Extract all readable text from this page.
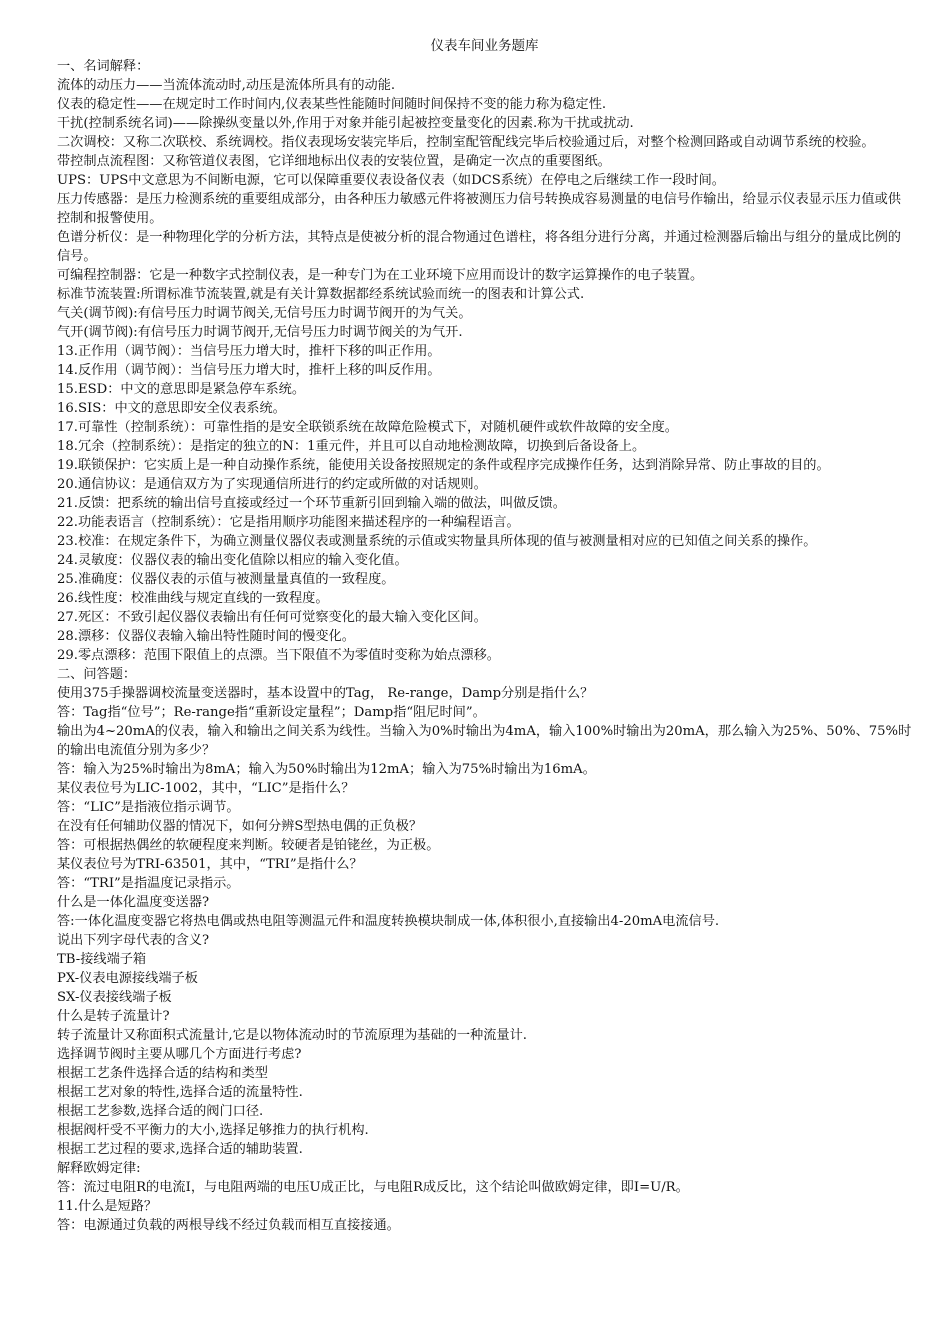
仪表车间业务题库
一、名词解释：
流体的动压力——当流体流动时,动压是流体所具有的动能.
仪表的稳定性——在规定时工作时间内,仪表某些性能随时间随时间保持不变的能力称为稳定性.
干扰(控制系统名词)——除操纵变量以外,作用于对象并能引起被控变量变化的因素.称为干扰或扰动.
二次调校：又称二次联校、系统调校。指仪表现场安装完毕后，控制室配管配线完毕后校验通过后，对整个检测回路或自动调节系统的校验。
带控制点流程图：又称管道仪表图，它详细地标出仪表的安装位置，是确定一次点的重要图纸。
UPS：UPS中文意思为不间断电源，它可以保障重要仪表设备仪表（如DCS系统）在停电之后继续工作一段时间。
压力传感器：是压力检测系统的重要组成部分，由各种压力敏感元件将被测压力信号转换成容易测量的电信号作输出，给显示仪表显示压力值或供控制和报警使用。
色谱分析仪：是一种物理化学的分析方法，其特点是使被分析的混合物通过色谱柱，将各组分进行分离，并通过检测器后输出与组分的量成比例的信号。
可编程控制器：它是一种数字式控制仪表，是一种专门为在工业环境下应用而设计的数字运算操作的电子装置。
标准节流装置:所谓标准节流装置,就是有关计算数据都经系统试验而统一的图表和计算公式.
气关(调节阀):有信号压力时调节阀关,无信号压力时调节阀开的为气关。
气开(调节阀):有信号压力时调节阀开,无信号压力时调节阀关的为气开.
13.正作用（调节阀）：当信号压力增大时，推杆下移的叫正作用。
14.反作用（调节阀）：当信号压力增大时，推杆上移的叫反作用。
15.ESD：中文的意思即是紧急停车系统。
16.SIS：中文的意思即安全仪表系统。
17.可靠性（控制系统）：可靠性指的是安全联锁系统在故障危险模式下，对随机硬件或软件故障的安全度。
18.冗余（控制系统）：是指定的独立的N：1重元件，并且可以自动地检测故障，切换到后备设备上。
19.联锁保护：它实质上是一种自动操作系统，能使用关设备按照规定的条件或程序完成操作任务，达到消除异常、防止事故的目的。
20.通信协议：是通信双方为了实现通信所进行的约定或所做的对话规则。
21.反馈：把系统的输出信号直接或经过一个环节重新引回到输入端的做法，叫做反馈。
22.功能表语言（控制系统）：它是指用顺序功能图来描述程序的一种编程语言。
23.校准：在规定条件下，为确立测量仪器仪表或测量系统的示值或实物量具所体现的值与被测量相对应的已知值之间关系的操作。
24.灵敏度：仪器仪表的输出变化值除以相应的输入变化值。
25.准确度：仪器仪表的示值与被测量量真值的一致程度。
26.线性度：校准曲线与规定直线的一致程度。
27.死区：不致引起仪器仪表输出有任何可觉察变化的最大输入变化区间。
28.漂移：仪器仪表输入输出特性随时间的慢变化。
29.零点漂移：范围下限值上的点漂。当下限值不为零值时变称为始点漂移。
二、问答题：
使用375手操器调校流量变送器时，基本设置中的Tag， Re-range，Damp分别是指什么？
答：Tag指“位号”；Re-range指“重新设定量程”；Damp指“阻尼时间”。
输出为4~20mA的仪表，输入和输出之间关系为线性。当输入为0%时输出为4mA，输入100%时输出为20mA，那么输入为25%、50%、75%时的输出电流值分别为多少？
答：输入为25%时输出为8mA；输入为50%时输出为12mA；输入为75%时输出为16mA。
某仪表位号为LIC-1002，其中，“LIC”是指什么？
答：“LIC”是指液位指示调节。
在没有任何辅助仪器的情况下，如何分辨S型热电偶的正负极？
答：可根据热偶丝的软硬程度来判断。较硬者是铂铑丝，为正极。
某仪表位号为TRI-63501，其中，“TRI”是指什么？
答：“TRI”是指温度记录指示。
什么是一体化温度变送器?
答:一体化温度变器它将热电偶或热电阻等测温元件和温度转换模块制成一体,体积很小,直接输出4-20mA电流信号.
说出下列字母代表的含义?
TB-接线端子箱
PX-仪表电源接线端子板
SX-仪表接线端子板
什么是转子流量计?
转子流量计又称面积式流量计,它是以物体流动时的节流原理为基础的一种流量计.
选择调节阀时主要从哪几个方面进行考虑?
根据工艺条件选择合适的结构和类型
根据工艺对象的特性,选择合适的流量特性.
根据工艺参数,选择合适的阀门口径.
根据阀杆受不平衡力的大小,选择足够推力的执行机构.
根据工艺过程的要求,选择合适的辅助装置.
解释欧姆定律:
答：流过电阻R的电流I，与电阻两端的电压U成正比，与电阻R成反比，这个结论叫做欧姆定律，即I=U/R。
11.什么是短路？
答：电源通过负载的两根导线不经过负载而相互直接接通。
